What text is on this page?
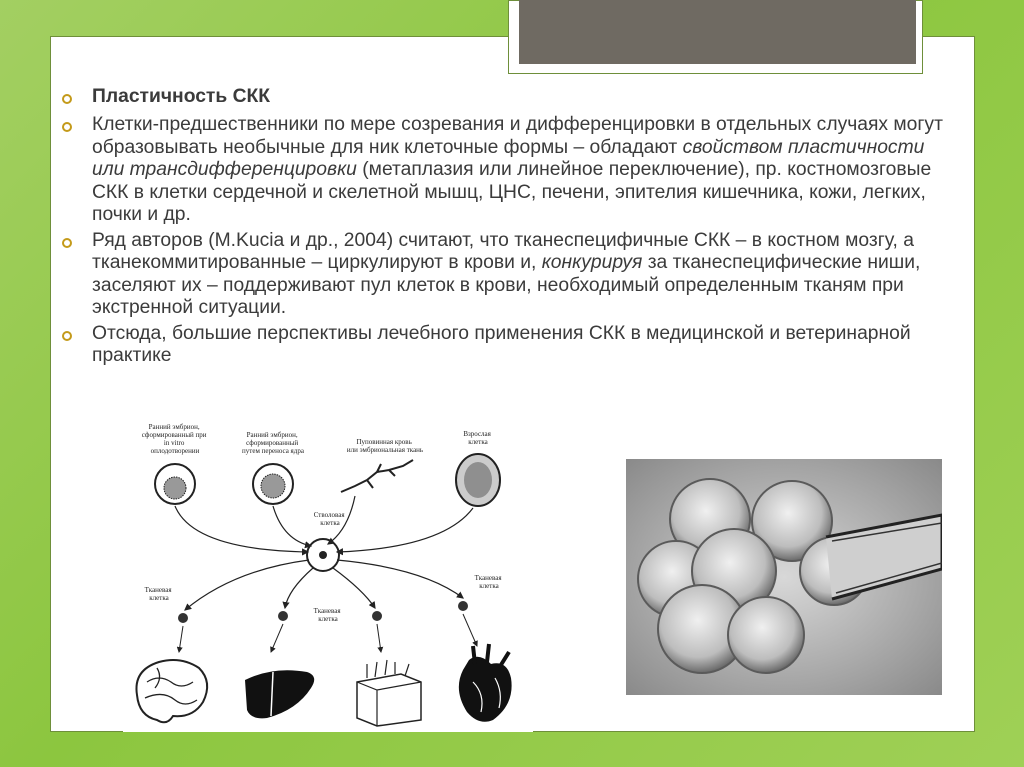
Пластичность СКК
Клетки-предшественники по мере созревания и дифференцировки в отдельных случаях могут образовывать необычные для ник клеточные формы – обладают свойством пластичности или трансдифференцировки (метаплазия или линейное переключение), пр. костномозговые СКК в клетки сердечной и скелетной мышц, ЦНС, печени, эпителия кишечника, кожи, легких, почки и др.
Ряд авторов (M.Kucia и др., 2004) считают, что тканеспецифичные СКК – в костном мозгу, а тканекоммитированные – циркулируют в крови и, конкурируя за тканеспецифические ниши, заселяют их – поддерживают пул клеток в крови, необходимый определенным тканям при экстренной ситуации.
Отсюда, большие перспективы лечебного применения СКК в медицинской и ветеринарной практике
Ранний эмбрион, сформированный при in vitro оплодотворении
Ранний эмбрион, сформированный путем переноса ядра
Пуповинная кровь или эмбриональная ткань
Взрослая клетка
Стволовая клетка
Тканевая клетка
Тканевая клетка
Тканевая клетка
